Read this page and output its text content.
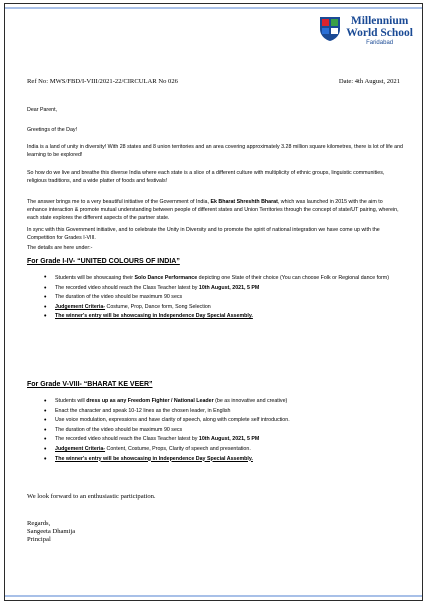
Millennium
World School
Faridabad
Ref No: MWS/FBD/I-VIII/2021-22/CIRCULAR No 026	Date: 4th August, 2021
Dear Parent,
Greetings of the Day!
India is a land of unity in diversity! With 28 states and 8 union territories and an area covering approximately 3.28 million square kilometres, there is lot of life and learning to be explored!
So how do we live and breathe this diverse India where each state is a slice of a different culture with multiplicity of ethnic groups, linguistic communities, religious traditions, and a wide platter of foods and festivals!
The answer brings me to a very beautiful initiative of the Government of India, Ek Bharat Shreshth Bharat, which was launched in 2015 with the aim to enhance interaction & promote mutual understanding between people of different states and Union Territories through the concept of state/UT pairing, wherein, each state explores the different aspects of the partner state.
In sync with this Government initiative, and to celebrate the Unity in Diversity and to promote the spirit of national integration we have come up with the Competition for Grades I-VIII.
The details are here under:-
For Grade I-IV- “UNITED COLOURS OF INDIA”
• Students will be showcasing their Solo Dance Performance depicting one State of their choice (You can choose Folk or Regional dance form)
• The recorded video should reach the Class Teacher latest by 10th August, 2021, 5 PM
• The duration of the video should be maximum 90 secs
• Judgement Criteria- Costume, Prop, Dance form, Song Selection
• The winner's entry will be showcasing in Independence Day Special Assembly.
For Grade V-VIII- “BHARAT KE VEER”
• Students will dress up as any Freedom Fighter / National Leader (be as innovative and creative)
• Enact the character and speak 10-12 lines as the chosen leader, in English
• Use voice modulation, expressions and have clarity of speech, along with complete self introduction.
• The duration of the video should be maximum 90 secs
• The recorded video should reach the Class Teacher latest by 10th August, 2021, 5 PM
• Judgement Criteria- Content, Costume, Props, Clarity of speech and presentation.
• The winner's entry will be showcasing in Independence Day Special Assembly.
We look forward to an enthusiastic participation.
Regards,
Sangeeta Dhamija
Principal
